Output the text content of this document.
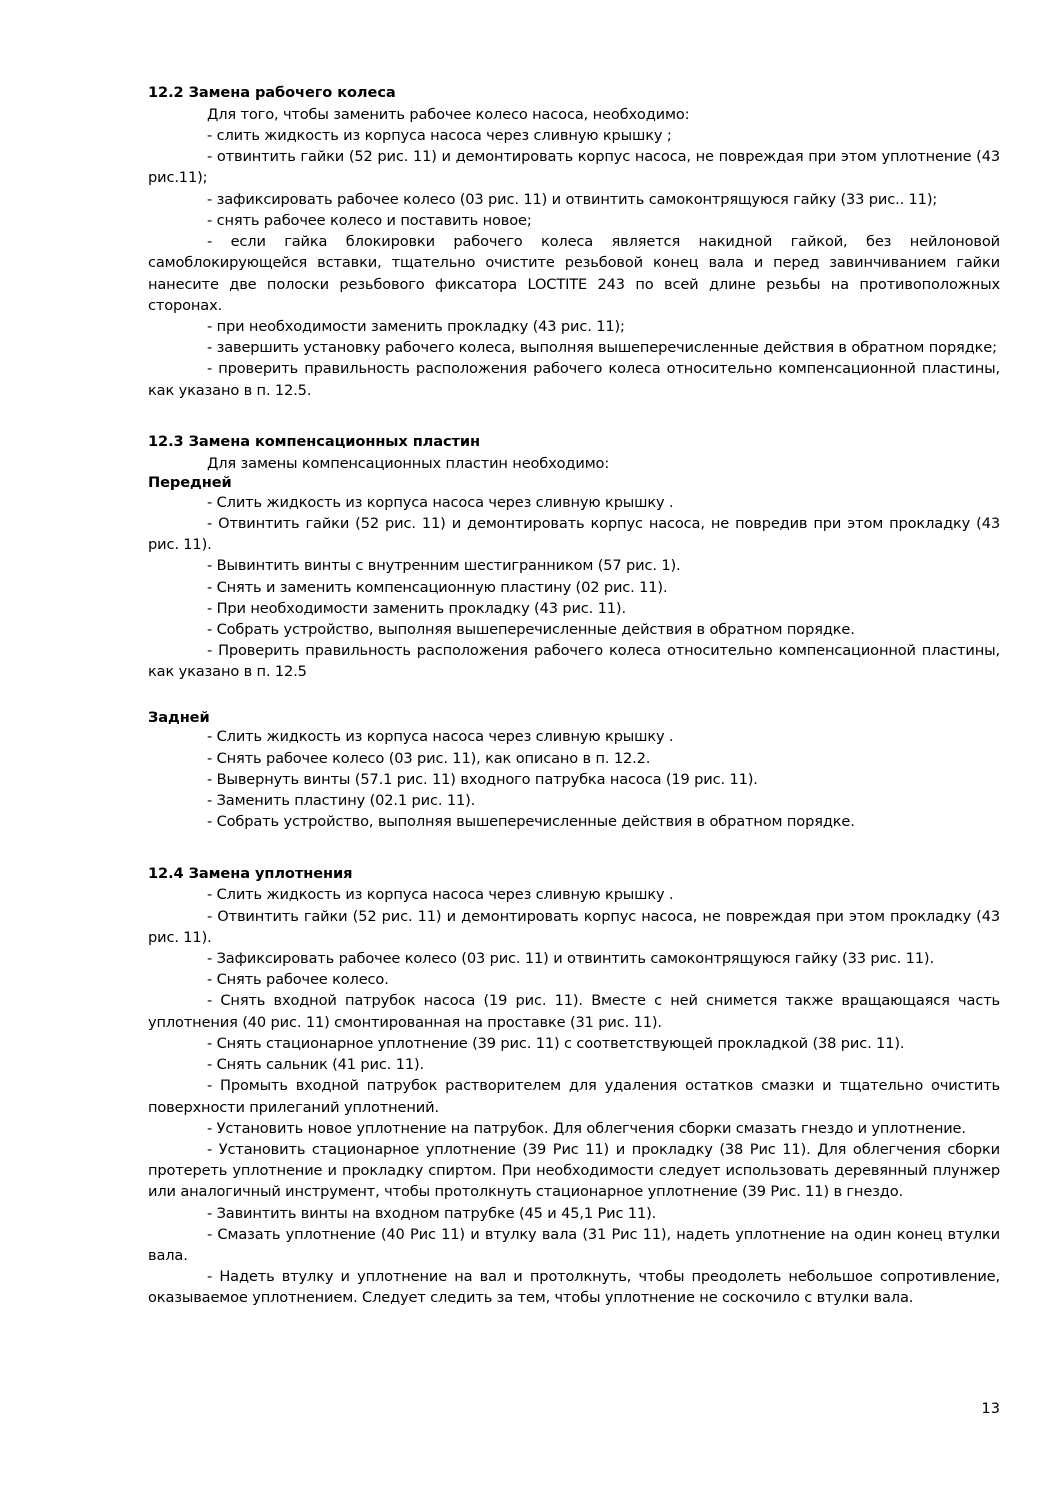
12.2 Замена рабочего колеса

Для того, чтобы заменить рабочее колесо насоса, необходимо:

- слить жидкость из корпуса насоса через сливную крышку ;

- отвинтить гайки (52 рис. 11) и демонтировать корпус насоса, не повреждая при этом уплотнение (43 рис.11);

- зафиксировать рабочее колесо (03 рис. 11) и отвинтить самоконтрящуюся гайку (33 рис.. 11);

- снять рабочее колесо и поставить новое;

- если гайка блокировки рабочего колеса является накидной гайкой, без нейлоновой самоблокирующейся вставки, тщательно очистите резьбовой конец вала и перед завинчиванием гайки нанесите две полоски резьбового фиксатора LOCTITE 243 по всей длине резьбы на противоположных сторонах.

- при необходимости заменить прокладку (43 рис. 11);

- завершить установку рабочего колеса, выполняя вышеперечисленные действия в обратном порядке;

- проверить правильность расположения рабочего колеса относительно компенсационной пластины, как указано в п. 12.5.

12.3 Замена компенсационных пластин

Для замены компенсационных пластин необходимо:

Передней

- Слить жидкость из корпуса насоса через сливную крышку .

- Отвинтить гайки (52 рис. 11) и демонтировать корпус насоса, не повредив при этом прокладку (43 рис. 11).

- Вывинтить винты с внутренним шестигранником (57 рис. 1).

- Снять и заменить компенсационную пластину (02 рис. 11).

- При необходимости заменить прокладку (43 рис. 11).

- Собрать устройство, выполняя вышеперечисленные действия в обратном порядке.

- Проверить правильность расположения рабочего колеса относительно компенсационной пластины, как указано в п. 12.5

Задней

- Слить жидкость из корпуса насоса через сливную крышку .

- Снять рабочее колесо (03 рис. 11), как описано в п. 12.2.

- Вывернуть винты (57.1 рис. 11) входного патрубка насоса (19 рис. 11).

- Заменить пластину (02.1 рис. 11).

- Собрать устройство, выполняя вышеперечисленные действия в обратном порядке.

12.4 Замена уплотнения

- Слить жидкость из корпуса насоса через сливную крышку .

- Отвинтить гайки (52 рис. 11) и демонтировать корпус насоса, не повреждая при этом прокладку (43 рис. 11).

- Зафиксировать рабочее колесо (03 рис. 11) и отвинтить самоконтрящуюся гайку (33 рис. 11).

- Снять рабочее колесо.

- Снять входной патрубок насоса (19 рис. 11). Вместе с ней снимется также вращающаяся часть уплотнения (40 рис. 11) смонтированная на проставке (31 рис. 11).

- Снять стационарное уплотнение (39 рис. 11) с соответствующей прокладкой (38 рис. 11).

- Снять сальник (41 рис. 11).

- Промыть входной патрубок растворителем для удаления остатков смазки и тщательно очистить поверхности прилеганий уплотнений.

- Установить новое уплотнение на патрубок. Для облегчения сборки смазать гнездо и уплотнение.

- Установить стационарное уплотнение (39 Рис 11) и прокладку (38 Рис 11). Для облегчения сборки протереть уплотнение и прокладку спиртом. При необходимости следует использовать деревянный плунжер или аналогичный инструмент, чтобы протолкнуть стационарное уплотнение (39 Рис. 11) в гнездо.

- Завинтить винты на входном патрубке (45 и 45,1 Рис 11).

- Смазать уплотнение (40 Рис 11) и втулку вала (31 Рис 11), надеть уплотнение на один конец втулки вала.

- Надеть втулку и уплотнение на вал и протолкнуть, чтобы преодолеть небольшое сопротивление, оказываемое уплотнением. Следует следить за тем, чтобы уплотнение не соскочило с втулки вала.

13
